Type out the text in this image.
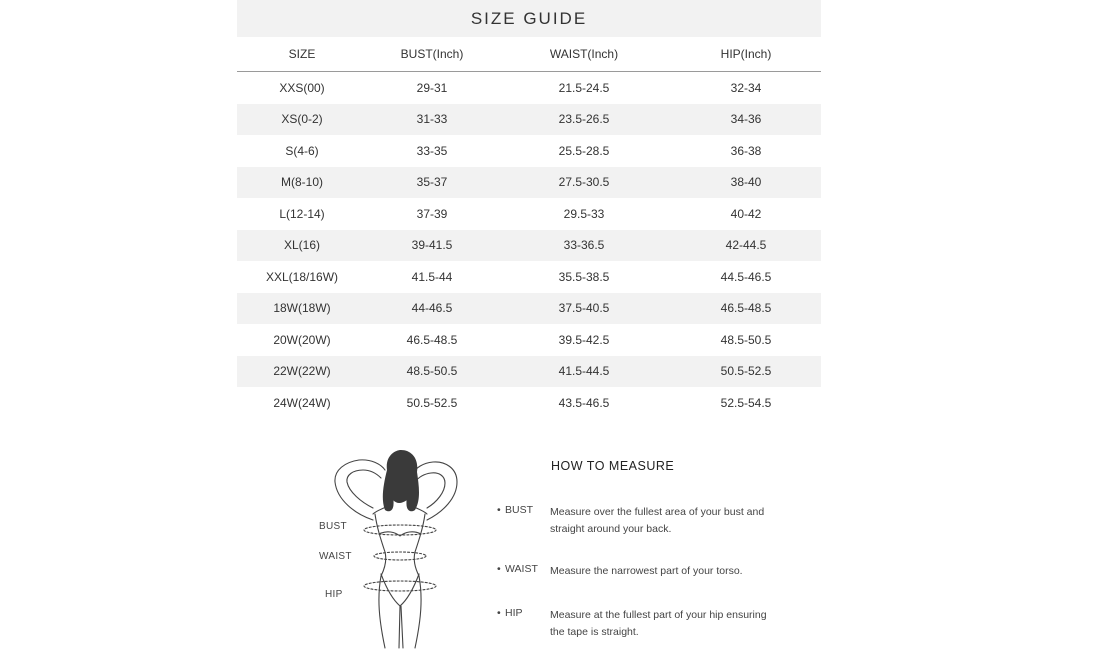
SIZE GUIDE
SIZE	BUST(Inch)	WAIST(Inch)	HIP(Inch)
XXS(00)	29-31	21.5-24.5	32-34
XS(0-2)	31-33	23.5-26.5	34-36
S(4-6)	33-35	25.5-28.5	36-38
M(8-10)	35-37	27.5-30.5	38-40
L(12-14)	37-39	29.5-33	40-42
XL(16)	39-41.5	33-36.5	42-44.5
XXL(18/16W)	41.5-44	35.5-38.5	44.5-46.5
18W(18W)	44-46.5	37.5-40.5	46.5-48.5
20W(20W)	46.5-48.5	39.5-42.5	48.5-50.5
22W(22W)	48.5-50.5	41.5-44.5	50.5-52.5
24W(24W)	50.5-52.5	43.5-46.5	52.5-54.5
BUST
WAIST
HIP
HOW TO MEASURE
• BUST Measure over the fullest area of your bust and straight around your back.
• WAIST Measure the narrowest part of your torso.
• HIP	Measure at the fullest part of your hip ensuring the tape is straight.
